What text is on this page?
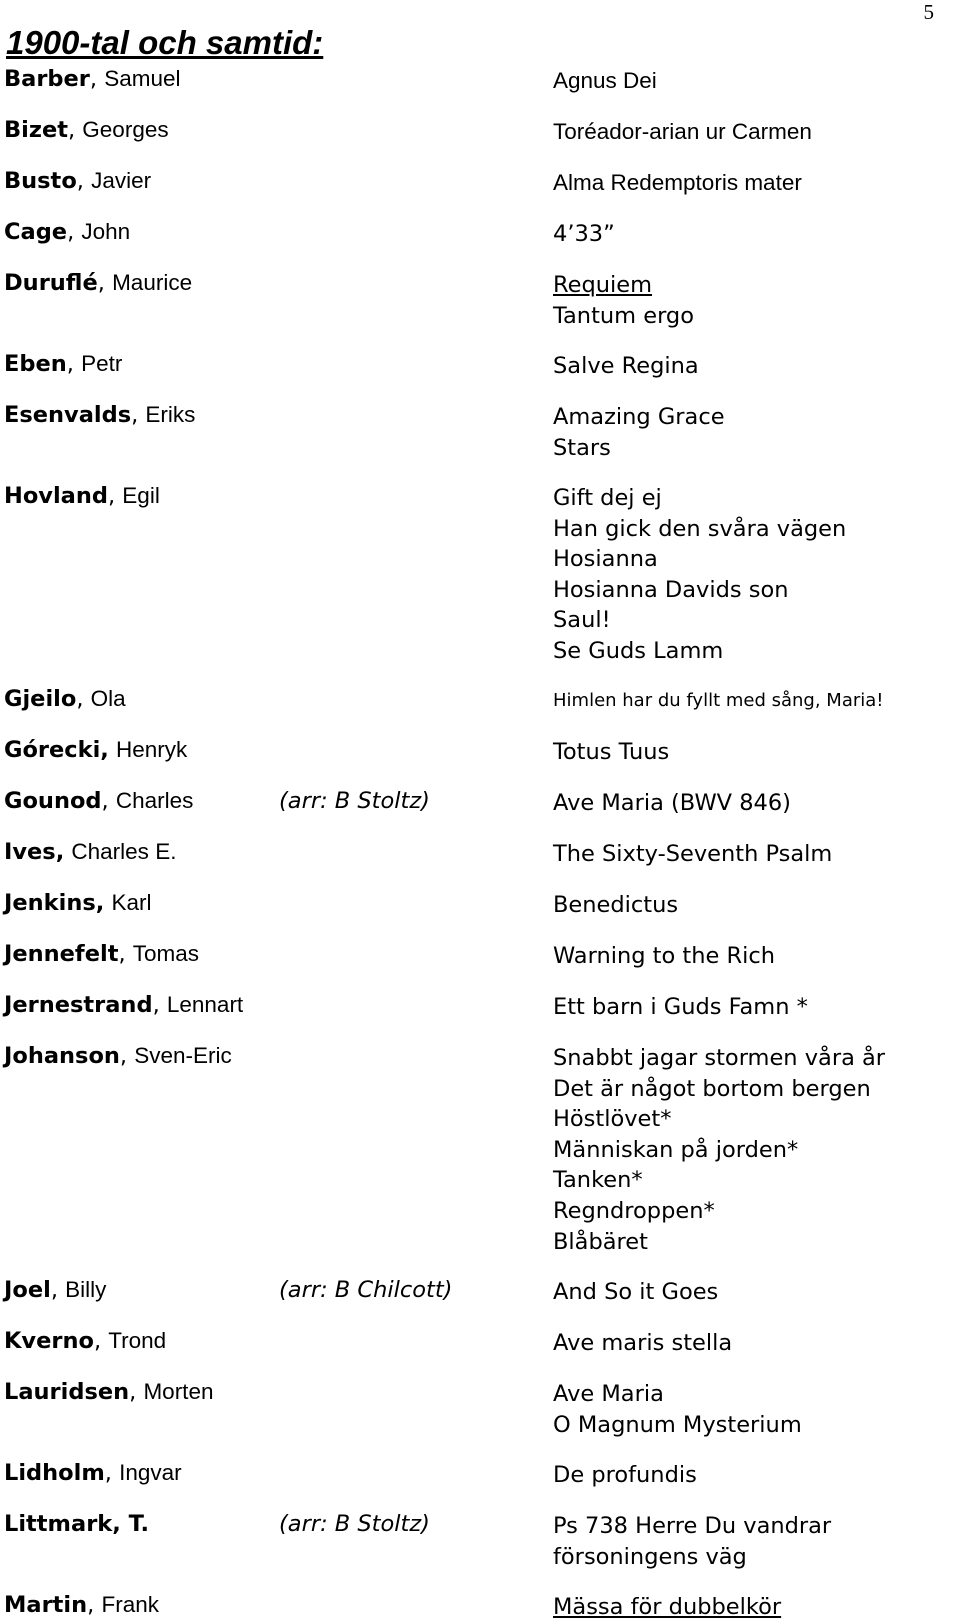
5
1900-tal och samtid:
Barber, Samuel	Agnus Dei
Bizet, Georges	Toréador-arian ur Carmen
Busto, Javier	Alma Redemptoris mater
Cage, John	4’33”
Duruflé, Maurice	Requiem
Tantum ergo
Eben, Petr	Salve Regina
Esenvalds, Eriks	Amazing Grace
Stars
Hovland, Egil	Gift dej ej
Han gick den svåra vägen
Hosianna
Hosianna Davids son
Saul!
Se Guds Lamm
Gjeilo, Ola	Himlen har du fyllt med sång, Maria!
Górecki, Henryk	Totus Tuus
Gounod, Charles	(arr: B Stoltz)	Ave Maria (BWV 846)
Ives, Charles E.	The Sixty-Seventh Psalm
Jenkins, Karl	Benedictus
Jennefelt, Tomas	Warning to the Rich
Jernestrand, Lennart	Ett barn i Guds Famn *
Johanson, Sven-Eric	Snabbt jagar stormen våra år
Det är något bortom bergen
Höstlövet*
Människan på jorden*
Tanken*
Regndroppen*
Blåbäret
Joel, Billy	(arr: B Chilcott)	And So it Goes
Kverno, Trond	Ave maris stella
Lauridsen, Morten	Ave Maria
O Magnum Mysterium
Lidholm, Ingvar	De profundis
Littmark, T.	(arr: B Stoltz)	Ps 738 Herre Du vandrar
försoningens väg
Martin, Frank	Mässa för dubbelkör
